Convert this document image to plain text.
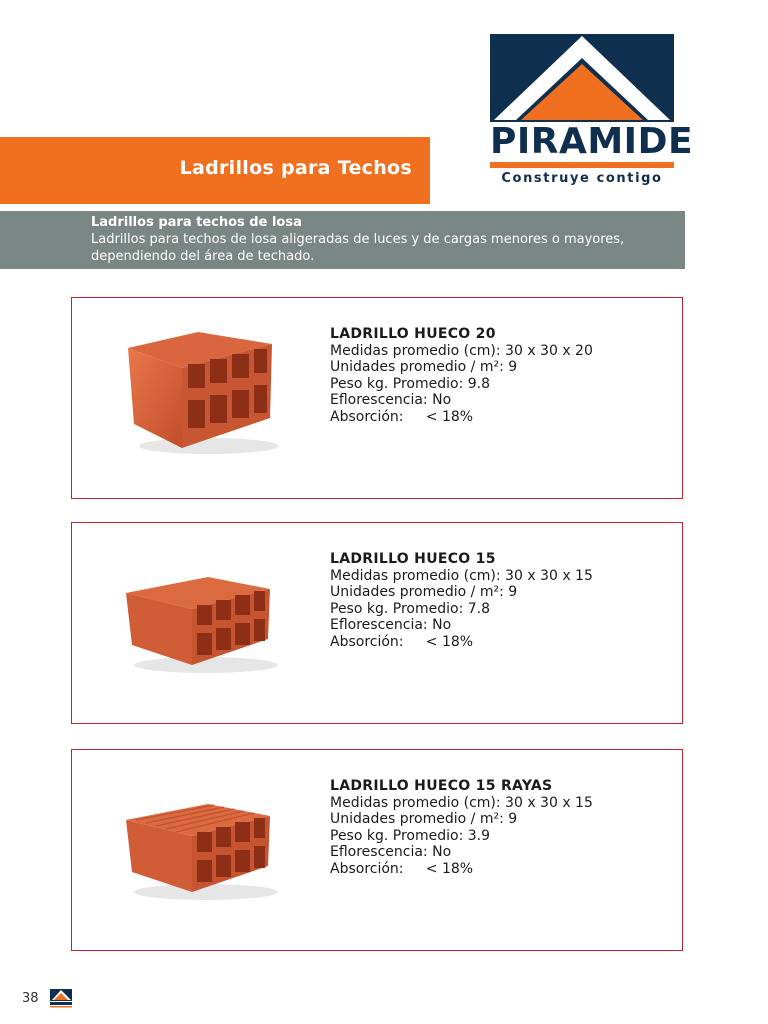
PIRAMIDE
Construye contigo
Ladrillos para Techos
Ladrillos para techos de losa
Ladrillos para techos de losa aligeradas de luces y de cargas menores o mayores, dependiendo del área de techado.
LADRILLO HUECO 20
Medidas promedio (cm): 30 x 30 x 20
Unidades promedio / m²: 9
Peso kg. Promedio: 9.8
Eflorescencia: No
Absorción:     < 18%
LADRILLO HUECO 15
Medidas promedio (cm): 30 x 30 x 15
Unidades promedio / m²: 9
Peso kg. Promedio: 7.8
Eflorescencia: No
Absorción:     < 18%
LADRILLO HUECO 15 RAYAS
Medidas promedio (cm): 30 x 30 x 15
Unidades promedio / m²: 9
Peso kg. Promedio: 3.9
Eflorescencia: No
Absorción:     < 18%
38
